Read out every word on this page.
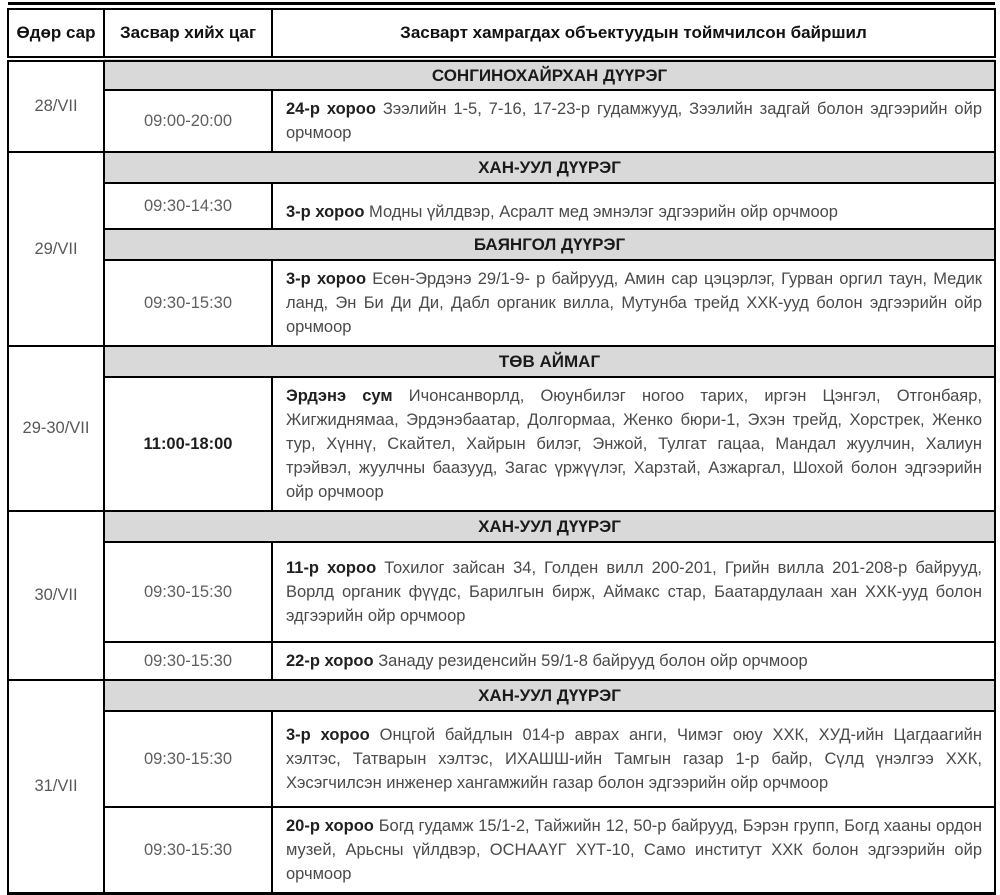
Өдөр сар	Засвар хийх цаг	Засварт хамрагдах объектуудын тоймчилсон байршил
28/VII	СОНГИНОХАЙРХАН ДҮҮРЭГ	
	09:00-20:00	24-р хороо Зээлийн 1-5, 7-16, 17-23-р гудамжууд, Зээлийн задгай болон эдгээрийн ойр орчмоор
29/VII	ХАН-УУЛ ДҮҮРЭГ	
	09:30-14:30	3-р хороо Модны үйлдвэр, Асралт мед эмнэлэг эдгээрийн ойр орчмоор
	БАЯНГОЛ ДҮҮРЭГ	
	09:30-15:30	3-р хороо Есөн-Эрдэнэ 29/1-9- р байрууд, Амин сар цэцэрлэг, Гурван оргил таун, Медик ланд, Эн Би Ди Ди, Дабл органик вилла, Мутунба трейд ХХК-ууд болон эдгээрийн ойр орчмоор
29-30/VII	ТӨВ АЙМАГ	
	11:00-18:00	Эрдэнэ сум Ичонсанворлд, Оюунбилэг ногоо тарих, иргэн Цэнгэл, Отгонбаяр, Жигжиднямаа, Эрдэнэбаатар, Долгормаа, Женко бюри-1, Эхэн трейд, Хорстрек, Женко тур, Хүннү, Скайтел, Хайрын билэг, Энжой, Тулгат гацаа, Мандал жуулчин, Халиун трэйвэл, жуулчны баазууд, Загас үржүүлэг, Харзтай, Азжаргал, Шохой болон эдгээрийн ойр орчмоор
30/VII	ХАН-УУЛ ДҮҮРЭГ	
	09:30-15:30	11-р хороо Тохилог зайсан 34, Голден вилл 200-201, Грийн вилла 201-208-р байрууд, Ворлд органик фүүдс, Барилгын бирж, Аймакс стар, Баатардулаан хан ХХК-ууд болон эдгээрийн ойр орчмоор
	09:30-15:30	22-р хороо Занаду резиденсийн 59/1-8 байрууд болон ойр орчмоор
31/VII	ХАН-УУЛ ДҮҮРЭГ	
	09:30-15:30	3-р хороо Онцгой байдлын 014-р аврах анги, Чимэг оюу ХХК, ХУД-ийн Цагдаагийн хэлтэс, Татварын хэлтэс, ИХАШШ-ийн Тамгын газар 1-р байр, Сүлд үнэлгээ ХХК, Хэсэгчилсэн инженер хангамжийн газар болон эдгээрийн ойр орчмоор
	09:30-15:30	20-р хороо Богд гудамж 15/1-2, Тайжийн 12, 50-р байрууд, Бэрэн групп, Богд хааны ордон музей, Арьсны үйлдвэр, ОСНААҮГ ХҮТ-10, Само институт ХХК болон эдгээрийн ойр орчмоор
